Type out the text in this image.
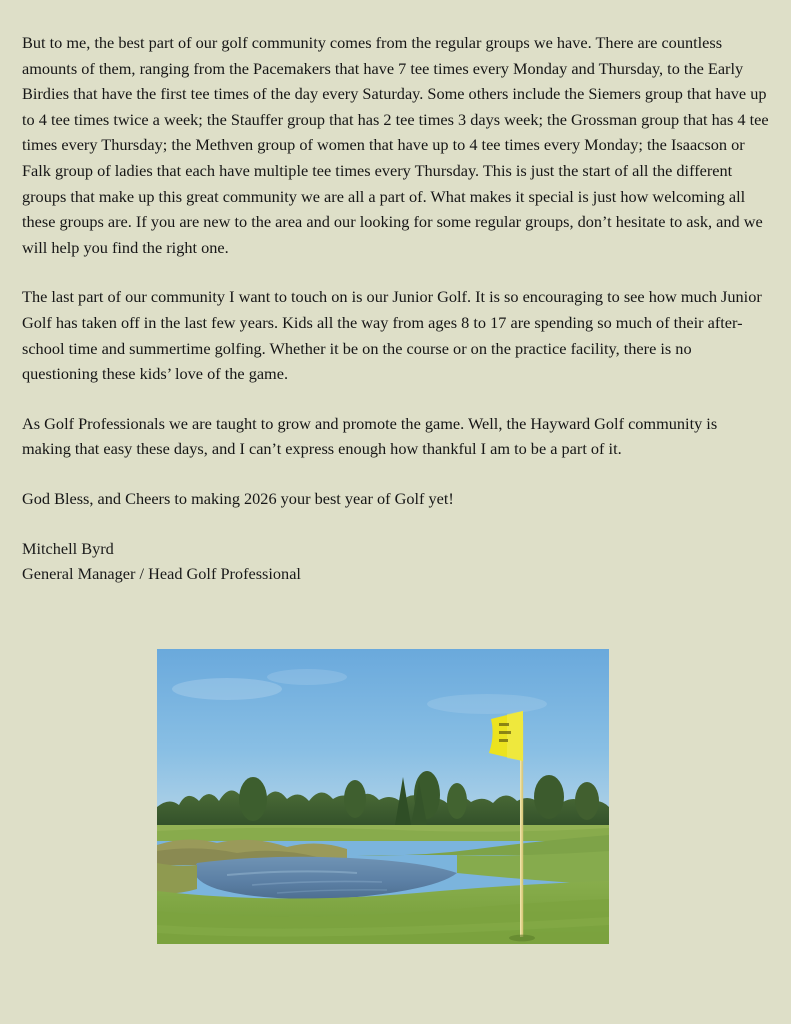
But to me, the best part of our golf community comes from the regular groups we have. There are countless amounts of them, ranging from the Pacemakers that have 7 tee times every Monday and Thursday, to the Early Birdies that have the first tee times of the day every Saturday. Some others include the Siemers group that have up to 4 tee times twice a week; the Stauffer group that has 2 tee times 3 days week; the Grossman group that has 4 tee times every Thursday; the Methven group of women that have up to 4 tee times every Monday; the Isaacson or Falk group of ladies that each have multiple tee times every Thursday. This is just the start of all the different groups that make up this great community we are all a part of. What makes it special is just how welcoming all these groups are. If you are new to the area and our looking for some regular groups, don’t hesitate to ask, and we will help you find the right one.

The last part of our community I want to touch on is our Junior Golf. It is so encouraging to see how much Junior Golf has taken off in the last few years. Kids all the way from ages 8 to 17 are spending so much of their after-school time and summertime golfing. Whether it be on the course or on the practice facility, there is no questioning these kids’ love of the game.

As Golf Professionals we are taught to grow and promote the game. Well, the Hayward Golf community is making that easy these days, and I can’t express enough how thankful I am to be a part of it.

God Bless, and Cheers to making 2026 your best year of Golf yet!

Mitchell Byrd
General Manager / Head Golf Professional
